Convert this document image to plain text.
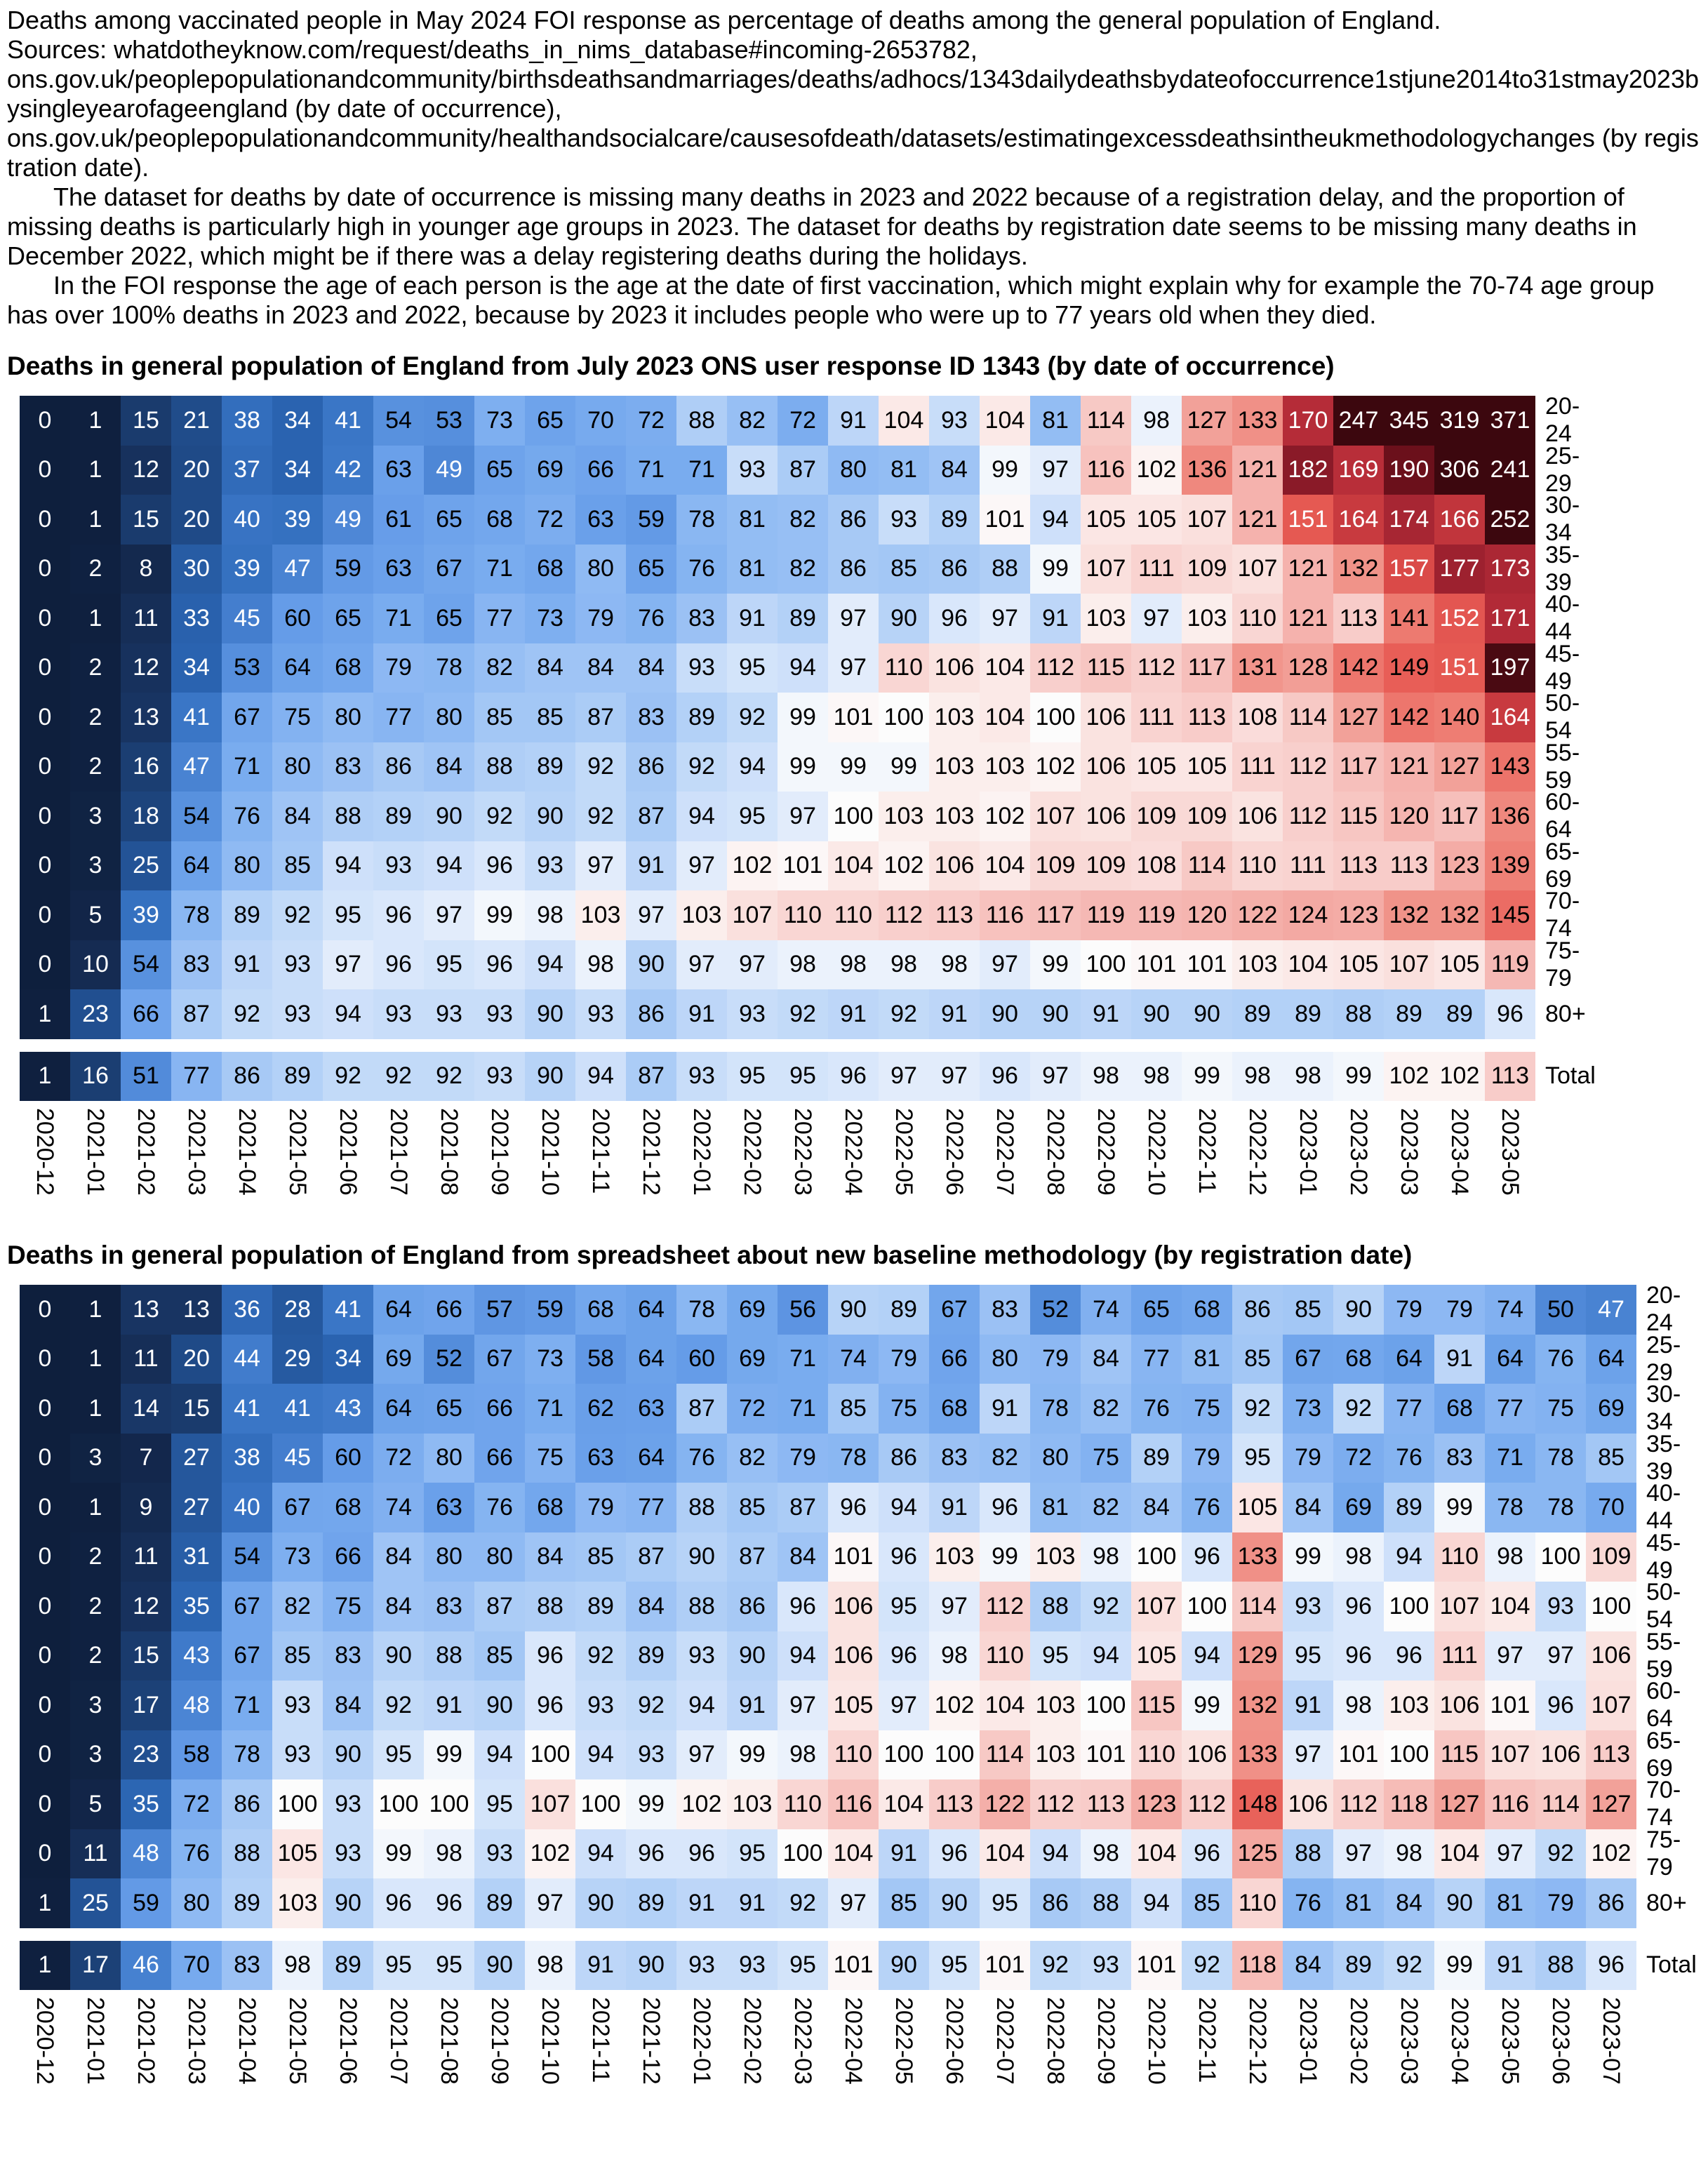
Deaths among vaccinated people in May 2024 FOI response as percentage of deaths among the general population of England.
Sources: whatdotheyknow.com/request/deaths_in_nims_database#incoming-2653782,
ons.gov.uk/peoplepopulationandcommunity/birthsdeathsandmarriages/deaths/adhocs/1343dailydeathsbydateofoccurrence1stjune2014to31stmay2023bysingleyearofageengland (by date of occurrence),
ons.gov.uk/peoplepopulationandcommunity/healthandsocialcare/causesofdeath/datasets/estimatingexcessdeathsintheukmethodologychanges (by registration date).

The dataset for deaths by date of occurrence is missing many deaths in 2023 and 2022 because of a registration delay, and the proportion of missing deaths is particularly high in younger age groups in 2023. The dataset for deaths by registration date seems to be missing many deaths in December 2022, which might be if there was a delay registering deaths during the holidays.

In the FOI response the age of each person is the age at the date of first vaccination, which might explain why for example the 70-74 age group has over 100% deaths in 2023 and 2022, because by 2023 it includes people who were up to 77 years old when they died.

Deaths in general population of England from July 2023 ONS user response ID 1343 (by date of occurrence)
0	1	15	21	38	34	41	54	53	73	65	70	72	88	82	72	91 104 93 104 81 114 98 127 133 170 247 345 319 371
20-24
0	1	12	20	37	34	42	63	49	65	69	66	71	71	93	87	80	81	84	99	97 116 102 136 121 182 169 190 306 241
25-29
0	1	15	20	40	39	49	61	65	68	72	63	59	78	81	82	86	93	89 101 94 105 105 107 121 151 164 174 166 252
30-34
0	2	8	30	39	47	59	63	67	71	68	80	65	76	81	82	86	85	86	88	99 107 111 109 107 121 132 157 177 173
35-39
0	1	11	33	45	60	65	71	65	77	73	79	76	83	91	89	97	90	96	97	91 103 97 103 110 121 113 141 152 171
40-44
0	2	12	34	53	64	68	79	78	82	84	84	84	93	95	94	97 110 106 104 112 115 112 117 131 128 142 149 151 197
45-49
0	2	13	41	67	75	80	77	80	85	85	87	83	89	92	99 101 100 103 104 100 106 111 113 108 114 127 142 140 164
50-54
0	2	16	47	71	80	83	86	84	88	89	92	86	92	94	99	99	99 103 103 102 106 105 105 111 112 117 121 127 143
55-59
0	3	18	54	76	84	88	89	90	92	90	92	87	94	95	97 100 103 103 102 107 106 109 109 106 112 115 120 117 136
60-64
0	3	25	64	80	85	94	93	94	96	93	97	91	97 102 101 104 102 106 104 109 109 108 114 110 111 113 113 123 139
65-69
0	5	39	78	89	92	95	96	97	99	98 103 97 103 107 110 110 112 113 116 117 119 119 120 122 124 123 132 132 145
70-74
0	10	54	83	91	93	97	96	95	96	94	98	90	97	97	98	98	98	98	97	99 100 101 101 103 104 105 107 105 119
75-79
1	23	66	87	92	93	94	93	93	93	90	93	86	91	93	92	91	92	91	90	90	91	90	90	89	89	88	89	89	96 80+
1	16	51	77	86	89	92	92	92	93	90	94	87	93	95	95	96	97	97	96	97	98	98	99	98	98	99 102 102 113 Total
2020-12 2021-01 2021-02 2021-03 2021-04 2021-05 2021-06 2021-07 2021-08 2021-09 2021-10 2021-11 2021-12 2022-01 2022-02 2022-03 2022-04 2022-05 2022-06 2022-07 2022-08 2022-09 2022-10 2022-11 2022-12 2023-01 2023-02 2023-03 2023-04 2023-05
Deaths in general population of England from spreadsheet about new baseline methodology (by registration date)
0	1	13	13	36	28	41	64	66	57	59	68	64	78	69	56	90	89	67	83	52	74	65	68	86	85	90	79	79	74	50	47
20-24
0	1	11	20	44	29	34	69	52	67	73	58	64	60	69	71	74	79	66	80	79	84	77	81	85	67	68	64	91	64	76	64
25-29
0	1	14	15	41	41	43	64	65	66	71	62	63	87	72	71	85	75	68	91	78	82	76	75	92	73	92	77	68	77	75	69
30-34
0	3	7	27	38	45	60	72	80	66	75	63	64	76	82	79	78	86	83	82	80	75	89	79	95	79	72	76	83	71	78	85
35-39
0	1	9	27	40	67	68	74	63	76	68	79	77	88	85	87	96	94	91	96	81	82	84	76 105 84	69	89	99	78	78	70
40-44
0	2	11	31	54	73	66	84	80	80	84	85	87	90	87	84 101 96 103 99 103 98 100 96 133 99	98	94 110 98 100 109
45-49
0	2	12	35	67	82	75	84	83	87	88	89	84	88	86	96 106 95	97 112 88	92 107 100 114 93	96 100 107 104 93 100
50-54
0	2	15	43	67	85	83	90	88	85	96	92	89	93	90	94 106 96	98 110 95	94 105 94 129 95	96	96 111 97	97 106
55-59
0	3	17	48	71	93	84	92	91	90	96	93	92	94	91	97 105 97 102 104 103 100 115 99 132 91	98 103 106 101 96 107
60-64
0	3	23	58	78	93	90	95	99	94 100 94	93	97	99	98 110 100 100 114 103 101 110 106 133 97 101 100 115 107 106 113
65-69
0	5	35	72	86 100 93 100 100 95 107 100 99 102 103 110 116 104 113 122 112 113 123 112 148 106 112 118 127 116 114 127
70-74
0	11	48	76	88 105 93	99	98	93 102 94	96	96	95 100 104 91	96 104 94	98 104 96 125 88	97	98 104 97	92 102
75-79
1	25	59	80	89 103 90	96	96	89	97	90	89	91	91	92	97	85	90	95	86	88	94	85 110 76	81	84	90	81	79	86 80+
1	17	46	70	83	98	89	95	95	90	98	91	90	93	93	95 101 90	95 101 92	93 101 92 118 84	89	92	99	91	88	96 Total
2020-12 2021-01 2021-02 2021-03 2021-04 2021-05 2021-06 2021-07 2021-08 2021-09 2021-10 2021-11 2021-12 2022-01 2022-02 2022-03 2022-04 2022-05 2022-06 2022-07 2022-08 2022-09 2022-10 2022-11 2022-12 2023-01 2023-02 2023-03 2023-04 2023-05 2023-06 2023-07
